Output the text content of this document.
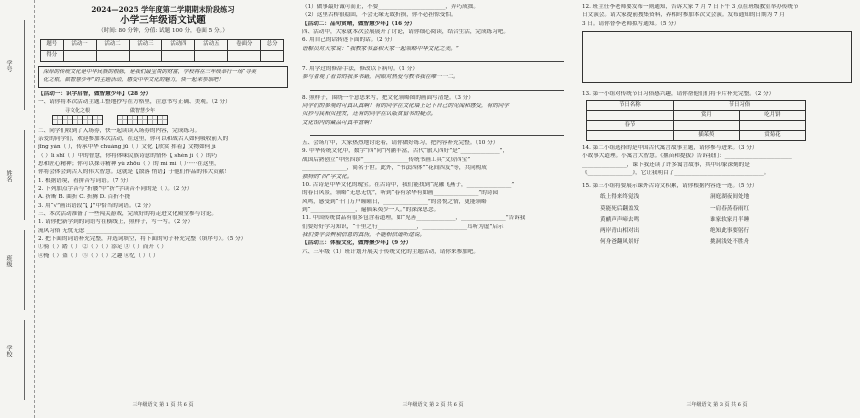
学号
姓名
班级
学校
2024—2025 学年度第二学期期末阶段练习
小学三年级语文试题
（时间: 80 分钟，分值: 试题 100 分，卷面 5 分。）
题号	活动一	活动二	活动三	活动四	活动五	卷面分	总分
得分							
深厚的传统文化是中华民族的根脉，是我们最宝贵的财富，学校将在三年级举行一场“寻美
化之根，做智慧少年”的主题活动，感受中华文化的魅力，快一起来参加吧！
【活动一：识字启智，做智慧少年】（28 分）
一、请你将本次活动主题工整地抄写在方格里，注意书写正确、美观。（2 分）
寻文化之根	做智慧少年
二、同学们收到了入场券，快一起读读入场券的内容，完成练习。
亲爱的同学们，欢迎参加本次活动，在这里，你可以和战古人如何吸收前人的
jīng yàn（ ），传承中华 chuáng jū（ ）文化【欣赏 挥着】文物如何 jì
（ ）lì shī（ ）中的智慧，你将体味民族诗意的情怀【 shén jì（ ）的巧
思和匠心精神；你可以探寻精神 yù zhōu（ ）的 mì mì（ ）······在这里，
你将会体会到古人的伟大智慧。这就是【散落 悄语】于他们作品的伟大贡献！
1. 根据语境，看拼音写词语。（7 分）
2. 下列加点字音与“折腰”中“折”字读音不同的是（ ）。（2 分）
A. 折断 B. 曲折 C. 折腾 D. 百折不挠
3. 用“√”画出语段“【 】”中恰当的词语。（2 分）
三、本次活动准备了一些闯关游戏，完成好的将走进文化殿堂参与讨论。
1. 请你把新学到的词语写在横线上，照样子，写一写。（2 分）
流风习俗 无忧无虑 ________________________
2. 把下面的词语补充完整，并选词填空，将下面的句子补充完整（填序号）。（5 分）
①骑（ ）踏（ ） ②（ ）（ ）添足 ③（ ）而开（ ）
④掩（ ）盗（ ） ⑤（ ）（ ）之趣 ⑥忆（ ）（ ）
三年级语文 第 1 页 共 6 页
（1）做事最好诚可而止，不要________________________，弄巧成拙。
（2）这里古桥很稳固，不会无缘无故折损，你不必担惊受怕。
【活动二：品句赏晴，做智慧少年】（16 分）
四、活动中，大家就本次会展展开了讨论，请你细心阅读，结合生活，完成练习吧。
6. 用自己的话转述下面的话。（2 分）
语解员对大家说：“我教家书嘉和大家一起领略中华文化之美。”
7. 用学过的修辞手法，修改以下病句。（1 分）
参与者观了看音的我多书籍，同眼对热爱与教书我在唯一一二。
8. 照样子，围绕一个意思来写，把文化领略图的画面写清楚。（3 分）
同学们的参观时可真认真啊！有的同学在文化墙上记下自己的见闻和感受，有的同学
贝抄与民相贝挂发，还有的同学在认版贫留书的疑点。
文化馆内的藏品可真丰富啊！
五、会场厅中，大家热烈地讨论着，请你做好练习，把内容补充完整。（10 分）
9. 中华传统文化中，数字“四”同“内涵丰富，古代“旅人四好”是“______________”，
战国后熟创立“中医四诊”________________传统书画工具“文房四宝”
________________，简名于世。此外，“书法四体”“花间四友”等，共同构成
独特的“四”字文化。
10. 古诗是中华文化的瑰宝。在古诗中，我们能找到“泥融飞燕子，________________”
的春日风景，领略“无思无忧”，听到“春有余华有如画________________”的诗园
风鸣，感受到“千门万户曈曈日，________________”的喜悦之情，更能领略
到“________________，遍插茱萸少一人。”的深深思念。
11. 中国传统食品有很多包含着道理，如“见善______________，________________”告诉我
们要好好学习知识，“千里之行______________，________________耳听为虚”启示
我们要学会辨别信息的真伪，不能相信道听途说。
【活动三：体验文化，做博聚少年】（9 分）
六、三年级（1）班计划开展关于传统文化的主题活动，请你来参加吧。
三年级语文 第 2 页 共 6 页
12. 班主任李老师要发布一则通知，告诉大家 7 月 7 日下午 3 点在班级教室举办传统节
日文演会。请大家提前搜集资料，养相时参加本次文会演。发布通知的日期为 7 月
3 日。请你替李老师拟写通知。（5 分）
13. 第一小组对传统节日习俗感兴趣，请你帮他们们将卡片补充完整。（2 分）
节日名称	节日习俗	
	赏月	吃月饼
春节		
	插茱萸	赏菊花
14. 第二小组选择的是中国古代寓言故事主题，请你参与进来。（3 分）
小故事大道理。小寓言大智慧。《揠苗和提拔》告诉我们：________________________
________________，课下我还读了许多寓言故事，其中印象深刻的是
《________________》，它让我明白了________________________________。
15. 第三小组将要展示课外古诗文积累，请你根据内容连一连。（5 分）
纸上得来终觉浅	洞庭湖夜间处地
莫能死后翻盖发	一肩春蒸春雨红
黄鹂声声啼去鸣	谁家软家月半睡
两岸青山相对出	绝知此事要躬行
何身爸翻风景好	挑洞浅处不胜舟
三年级语文 第 3 页 共 6 页
